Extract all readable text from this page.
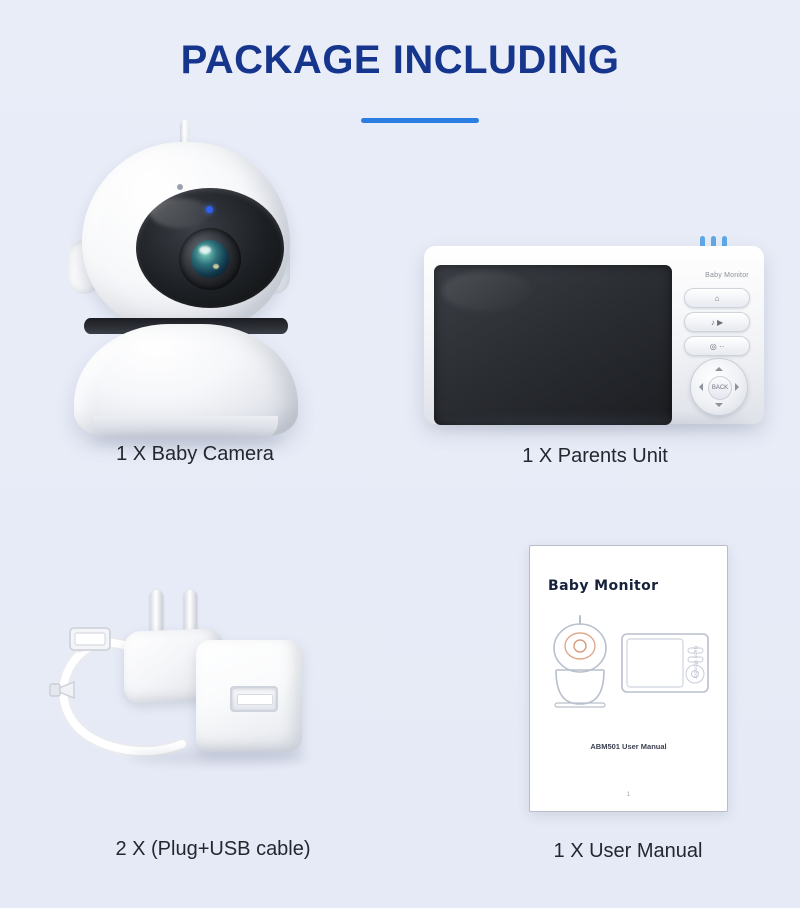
PACKAGE INCLUDING
1 X Baby Camera
Baby Monitor
⌂
♪ ▶
◎ ··
BACK
1 X Parents Unit
2 X (Plug+USB cable)
Baby Monitor
Baby Monitor
ABM501 User Manual
1
1 X User Manual
